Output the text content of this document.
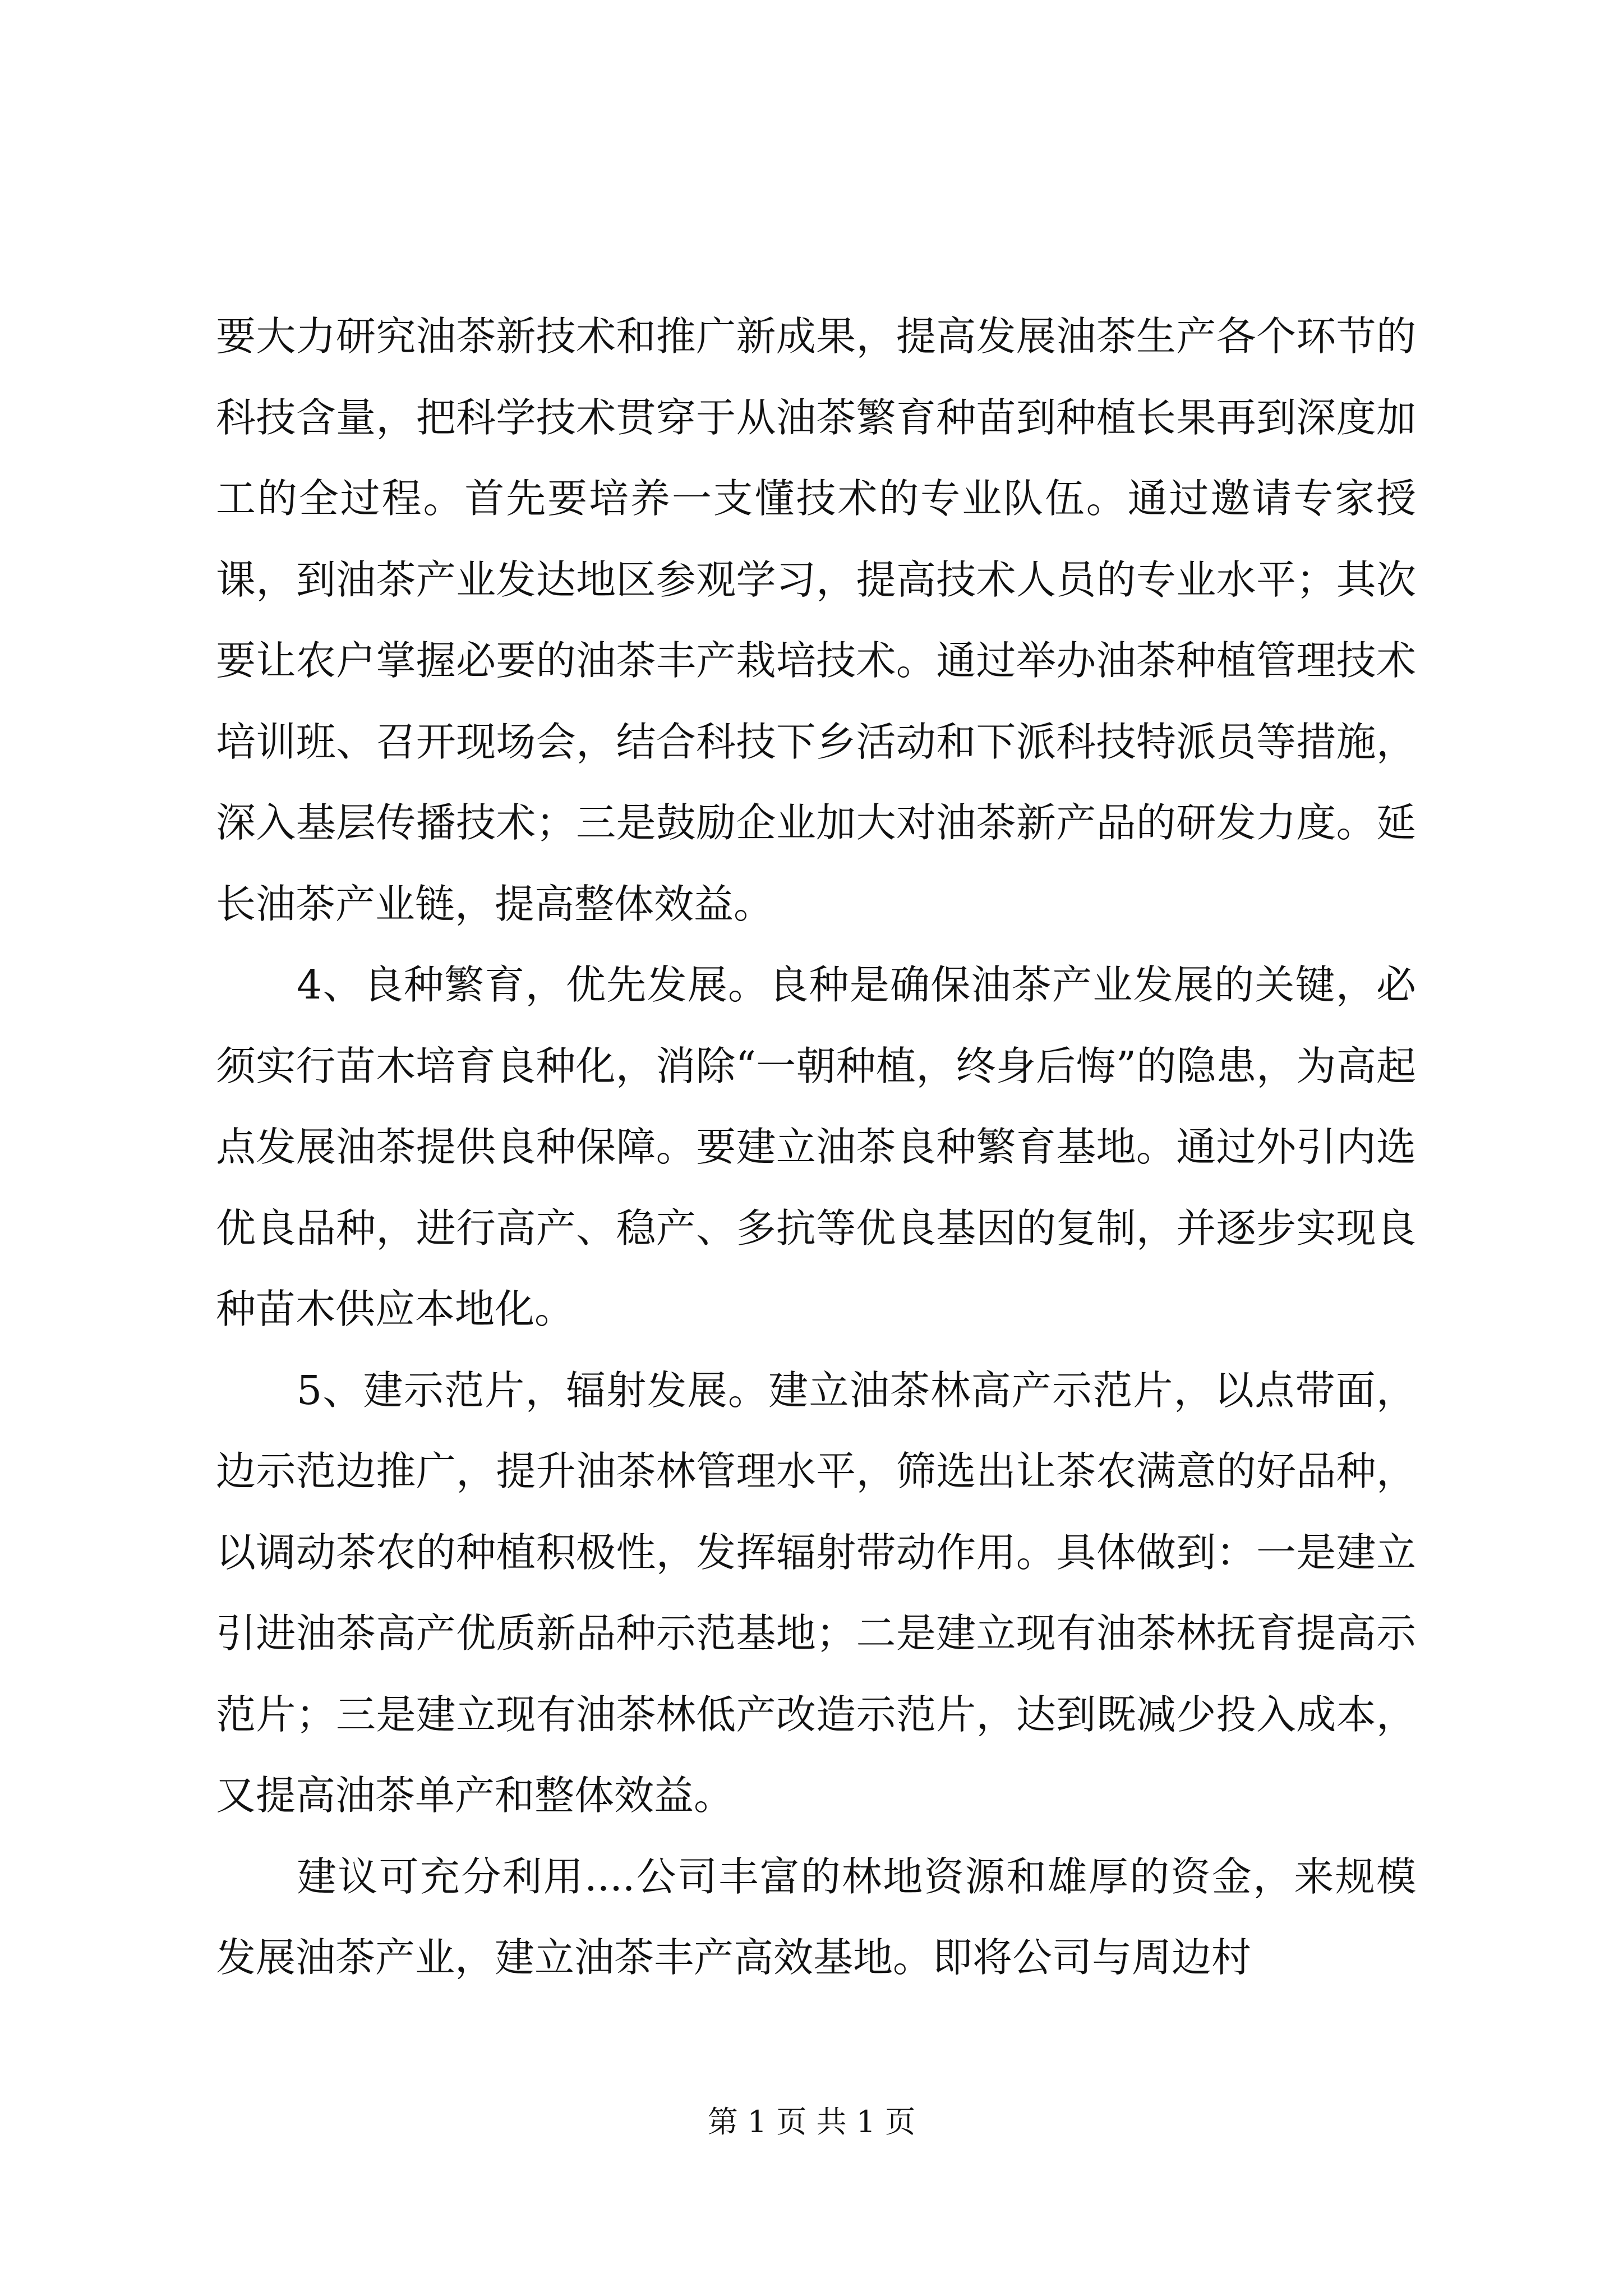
要大力研究油茶新技术和推广新成果，提高发展油茶生产各个环节的科技含量，把科学技术贯穿于从油茶繁育种苗到种植长果再到深度加工的全过程。首先要培养一支懂技术的专业队伍。通过邀请专家授课，到油茶产业发达地区参观学习，提高技术人员的专业水平；其次要让农户掌握必要的油茶丰产栽培技术。通过举办油茶种植管理技术培训班、召开现场会，结合科技下乡活动和下派科技特派员等措施，深入基层传播技术；三是鼓励企业加大对油茶新产品的研发力度。延长油茶产业链，提高整体效益。

4、良种繁育，优先发展。良种是确保油茶产业发展的关键，必须实行苗木培育良种化，消除“一朝种植，终身后悔”的隐患，为高起点发展油茶提供良种保障。要建立油茶良种繁育基地。通过外引内选优良品种，进行高产、稳产、多抗等优良基因的复制，并逐步实现良种苗木供应本地化。

5、建示范片，辐射发展。建立油茶林高产示范片，以点带面，边示范边推广，提升油茶林管理水平，筛选出让茶农满意的好品种，以调动茶农的种植积极性，发挥辐射带动作用。具体做到：一是建立引进油茶高产优质新品种示范基地；二是建立现有油茶林抚育提高示范片；三是建立现有油茶林低产改造示范片，达到既减少投入成本，又提高油茶单产和整体效益。

建议可充分利用....公司丰富的林地资源和雄厚的资金，来规模发展油茶产业，建立油茶丰产高效基地。即将公司与周边村

第 1 页 共 1 页
